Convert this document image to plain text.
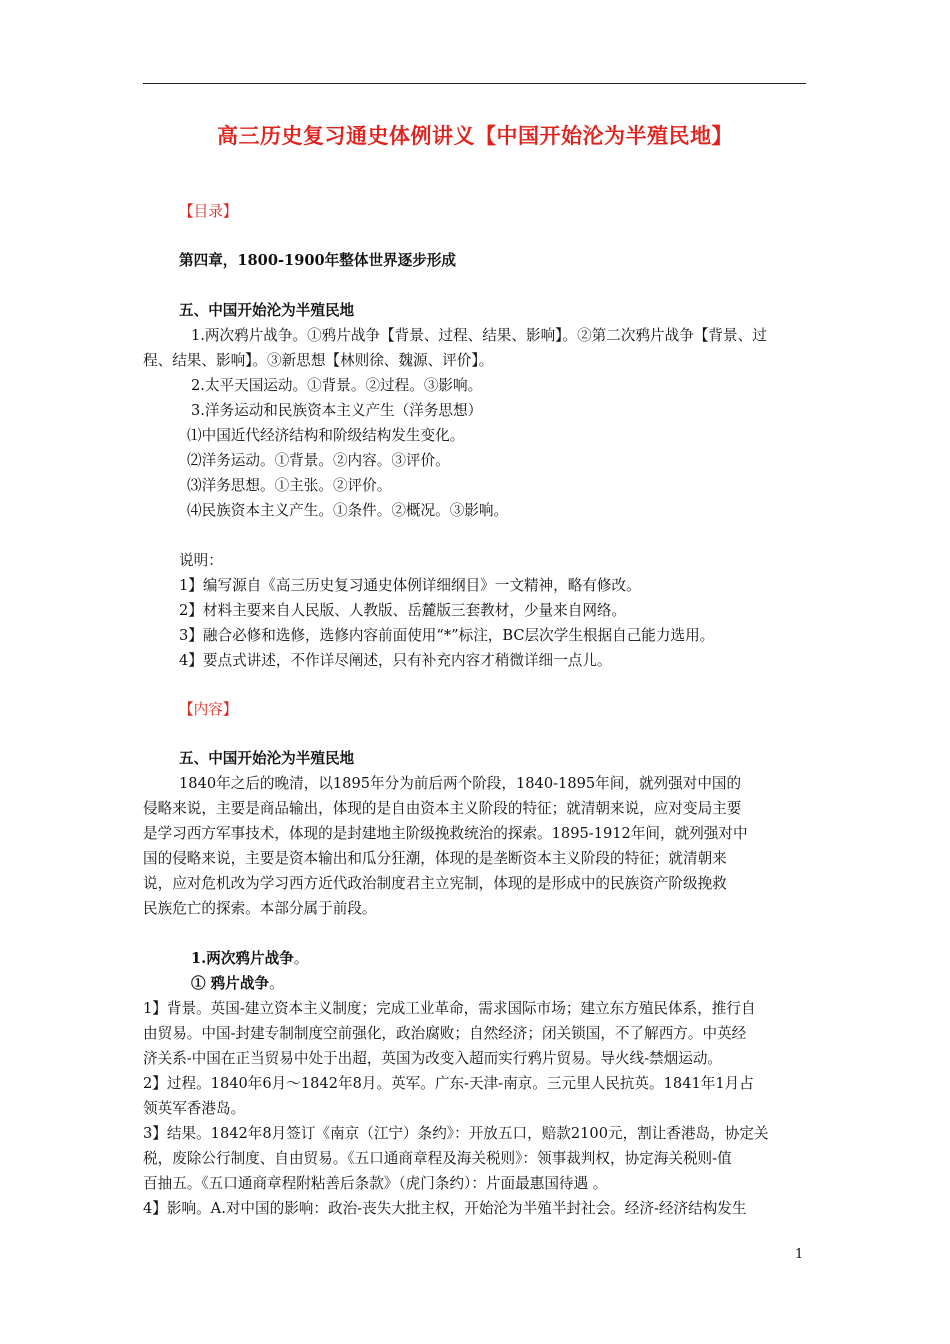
高三历史复习通史体例讲义【中国开始沦为半殖民地】
【目录】
第四章，1800-1900年整体世界逐步形成
五、中国开始沦为半殖民地
1.两次鸦片战争。①鸦片战争【背景、过程、结果、影响】。②第二次鸦片战争【背景、过
程、结果、影响】。③新思想【林则徐、魏源、评价】。
2.太平天国运动。①背景。②过程。③影响。
3.洋务运动和民族资本主义产生（洋务思想）
⑴中国近代经济结构和阶级结构发生变化。
⑵洋务运动。①背景。②内容。③评价。
⑶洋务思想。①主张。②评价。
⑷民族资本主义产生。①条件。②概况。③影响。
说明：
1】编写源自《高三历史复习通史体例详细纲目》一文精神，略有修改。
2】材料主要来自人民版、人教版、岳麓版三套教材，少量来自网络。
3】融合必修和选修，选修内容前面使用“*”标注，BC层次学生根据自己能力选用。
4】要点式讲述，不作详尽阐述，只有补充内容才稍微详细一点儿。
【内容】
五、中国开始沦为半殖民地
1840年之后的晚清，以1895年分为前后两个阶段，1840-1895年间，就列强对中国的
侵略来说，主要是商品输出，体现的是自由资本主义阶段的特征；就清朝来说，应对变局主要
是学习西方军事技术，体现的是封建地主阶级挽救统治的探索。1895-1912年间，就列强对中
国的侵略来说，主要是资本输出和瓜分狂潮，体现的是垄断资本主义阶段的特征；就清朝来
说，应对危机改为学习西方近代政治制度君主立宪制，体现的是形成中的民族资产阶级挽救
民族危亡的探索。本部分属于前段。
1.两次鸦片战争。
① 鸦片战争。
1】背景。英国-建立资本主义制度；完成工业革命，需求国际市场；建立东方殖民体系，推行自
由贸易。中国-封建专制制度空前强化，政治腐败；自然经济；闭关锁国，不了解西方。中英经
济关系-中国在正当贸易中处于出超，英国为改变入超而实行鸦片贸易。导火线-禁烟运动。
2】过程。1840年6月～1842年8月。英军。广东-天津-南京。三元里人民抗英。1841年1月占
领英军香港岛。
3】结果。1842年8月签订《南京（江宁）条约》：开放五口，赔款2100元，割让香港岛，协定关
税，废除公行制度、自由贸易。《五口通商章程及海关税则》：领事裁判权，协定海关税则-值
百抽五。《五口通商章程附粘善后条款》（虎门条约）：片面最惠国待遇 。
4】影响。A.对中国的影响：政治-丧失大批主权，开始沦为半殖半封社会。经济-经济结构发生
1
